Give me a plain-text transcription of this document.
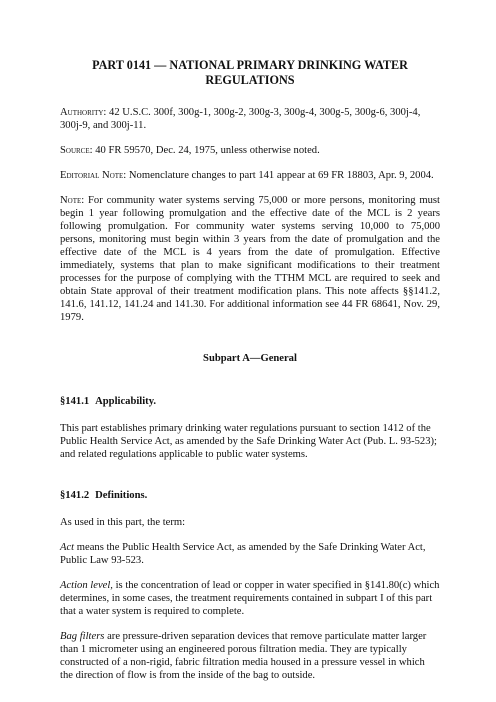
PART 0141 — NATIONAL PRIMARY DRINKING WATER
REGULATIONS

Authority: 42 U.S.C. 300f, 300g-1, 300g-2, 300g-3, 300g-4, 300g-5, 300g-6, 300j-4, 300j-9, and 300j-11.

Source: 40 FR 59570, Dec. 24, 1975, unless otherwise noted.

Editorial Note: Nomenclature changes to part 141 appear at 69 FR 18803, Apr. 9, 2004.

Note: For community water systems serving 75,000 or more persons, monitoring must begin 1 year following promulgation and the effective date of the MCL is 2 years following promulgation. For community water systems serving 10,000 to 75,000 persons, monitoring must begin within 3 years from the date of promulgation and the effective date of the MCL is 4 years from the date of promulgation. Effective immediately, systems that plan to make significant modifications to their treatment processes for the purpose of complying with the TTHM MCL are required to seek and obtain State approval of their treatment modification plans. This note affects §§141.2, 141.6, 141.12, 141.24 and 141.30. For additional information see 44 FR 68641, Nov. 29, 1979.

Subpart A—General
§141.1 Applicability.

This part establishes primary drinking water regulations pursuant to section 1412 of the Public Health Service Act, as amended by the Safe Drinking Water Act (Pub. L. 93-523); and related regulations applicable to public water systems.

§141.2 Definitions.

As used in this part, the term:

Act means the Public Health Service Act, as amended by the Safe Drinking Water Act, Public Law 93-523.

Action level, is the concentration of lead or copper in water specified in §141.80(c) which determines, in some cases, the treatment requirements contained in subpart I of this part that a water system is required to complete.

Bag filters are pressure-driven separation devices that remove particulate matter larger than 1 micrometer using an engineered porous filtration media. They are typically constructed of a non-rigid, fabric filtration media housed in a pressure vessel in which the direction of flow is from the inside of the bag to outside.
